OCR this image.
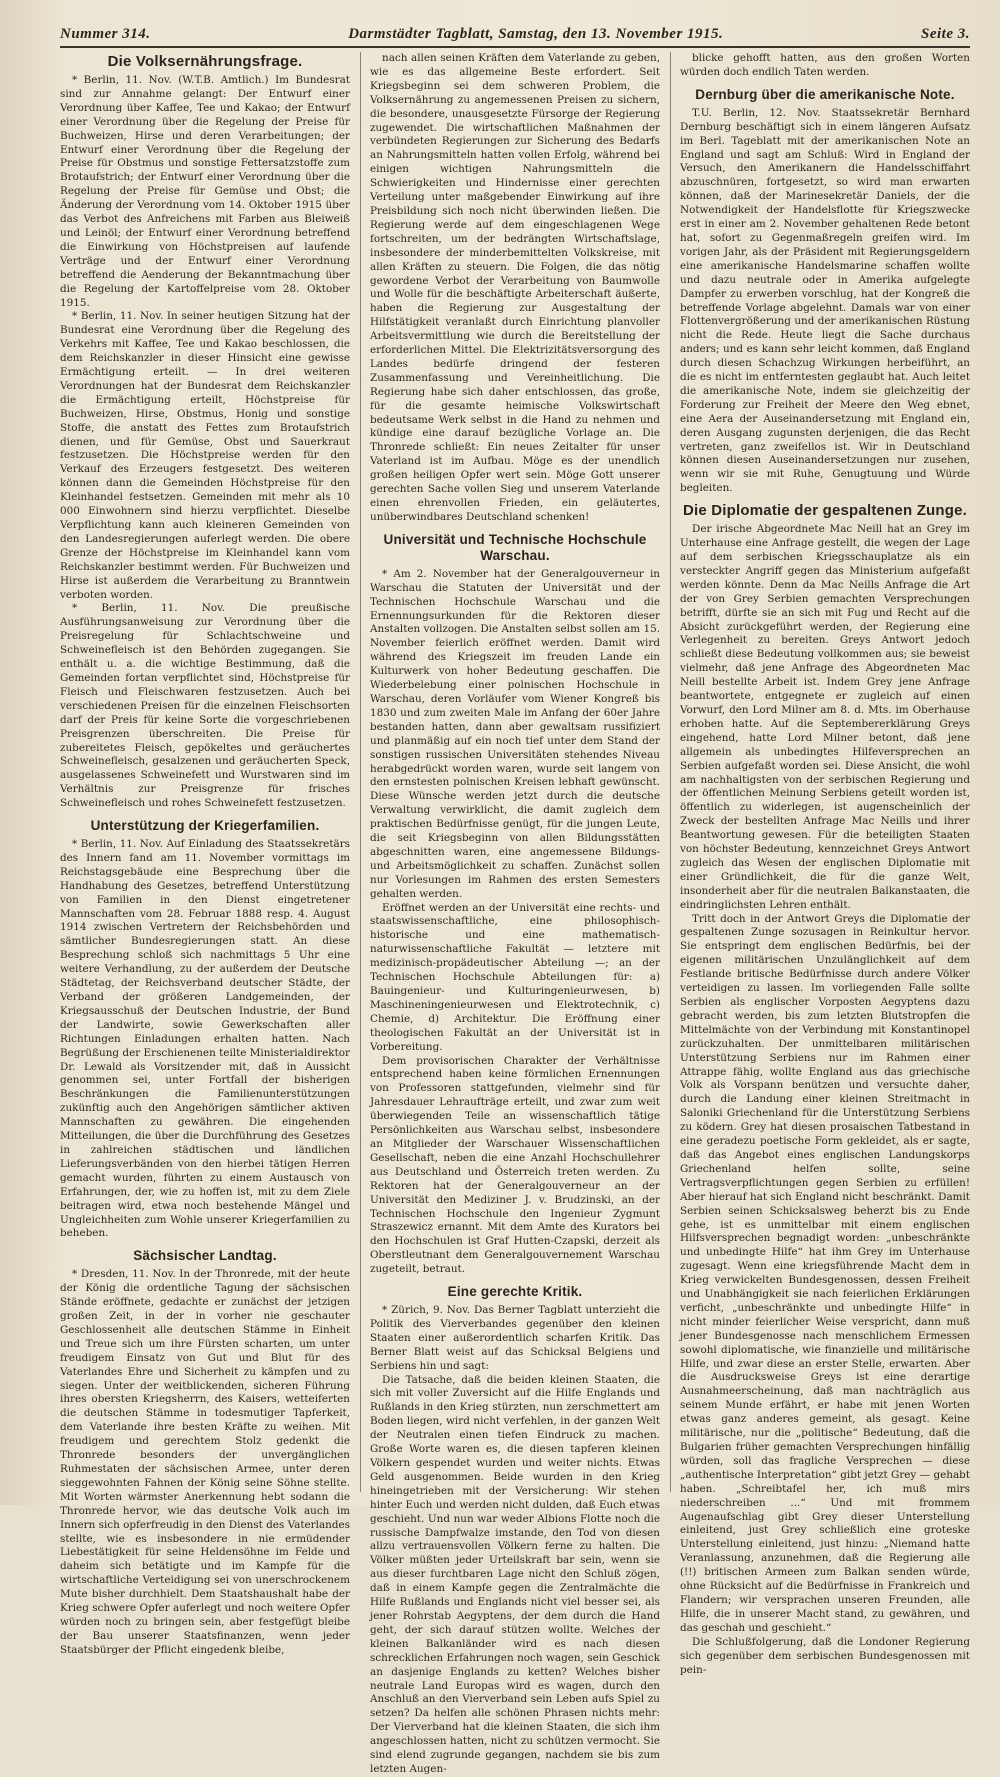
Nummer 314.	Darmstädter Tagblatt, Samstag, den 13. November 1915.	Seite 3.
Die Volksernährungsfrage.

* Berlin, 11. Nov. (W.T.B. Amtlich.) Im Bundesrat sind zur Annahme gelangt: Der Entwurf einer Verordnung über Kaffee, Tee und Kakao; der Entwurf einer Verordnung über die Regelung der Preise für Buchweizen, Hirse und deren Verarbeitungen; der Entwurf einer Verordnung über die Regelung der Preise für Obstmus und sonstige Fettersatzstoffe zum Brotaufstrich; der Entwurf einer Verordnung über die Regelung der Preise für Gemüse und Obst; die Änderung der Verordnung vom 14. Oktober 1915 über das Verbot des Anfreichens mit Farben aus Bleiweiß und Leinöl; der Entwurf einer Verordnung betreffend die Einwirkung von Höchstpreisen auf laufende Verträge und der Entwurf einer Verordnung betreffend die Aenderung der Bekanntmachung über die Regelung der Kartoffelpreise vom 28. Oktober 1915.

* Berlin, 11. Nov. In seiner heutigen Sitzung hat der Bundesrat eine Verordnung über die Regelung des Verkehrs mit Kaffee, Tee und Kakao beschlossen, die dem Reichskanzler in dieser Hinsicht eine gewisse Ermächtigung erteilt. — In drei weiteren Verordnungen hat der Bundesrat dem Reichskanzler die Ermächtigung erteilt, Höchstpreise für Buchweizen, Hirse, Obstmus, Honig und sonstige Stoffe, die anstatt des Fettes zum Brotaufstrich dienen, und für Gemüse, Obst und Sauerkraut festzusetzen. Die Höchstpreise werden für den Verkauf des Erzeugers festgesetzt. Des weiteren können dann die Gemeinden Höchstpreise für den Kleinhandel festsetzen. Gemeinden mit mehr als 10 000 Einwohnern sind hierzu verpflichtet. Dieselbe Verpflichtung kann auch kleineren Gemeinden von den Landesregierungen auferlegt werden. Die obere Grenze der Höchstpreise im Kleinhandel kann vom Reichskanzler bestimmt werden. Für Buchweizen und Hirse ist außerdem die Verarbeitung zu Branntwein verboten worden.

* Berlin, 11. Nov. Die preußische Ausführungsanweisung zur Verordnung über die Preisregelung für Schlachtschweine und Schweinefleisch ist den Behörden zugegangen. Sie enthält u. a. die wichtige Bestimmung, daß die Gemeinden fortan verpflichtet sind, Höchstpreise für Fleisch und Fleischwaren festzusetzen. Auch bei verschiedenen Preisen für die einzelnen Fleischsorten darf der Preis für keine Sorte die vorgeschriebenen Preisgrenzen überschreiten. Die Preise für zubereitetes Fleisch, gepökeltes und geräuchertes Schweinefleisch, gesalzenen und geräucherten Speck, ausgelassenes Schweinefett und Wurstwaren sind im Verhältnis zur Preisgrenze für frisches Schweinefleisch und rohes Schweinefett festzusetzen.

Unterstützung der Kriegerfamilien.

* Berlin, 11. Nov. Auf Einladung des Staatssekretärs des Innern fand am 11. November vormittags im Reichstagsgebäude eine Besprechung über die Handhabung des Gesetzes, betreffend Unterstützung von Familien in den Dienst eingetretener Mannschaften vom 28. Februar 1888 resp. 4. August 1914 zwischen Vertretern der Reichsbehörden und sämtlicher Bundesregierungen statt. An diese Besprechung schloß sich nachmittags 5 Uhr eine weitere Verhandlung, zu der außerdem der Deutsche Städtetag, der Reichsverband deutscher Städte, der Verband der größeren Landgemeinden, der Kriegsausschuß der Deutschen Industrie, der Bund der Landwirte, sowie Gewerkschaften aller Richtungen Einladungen erhalten hatten. Nach Begrüßung der Erschienenen teilte Ministerialdirektor Dr. Lewald als Vorsitzender mit, daß in Aussicht genommen sei, unter Fortfall der bisherigen Beschränkungen die Familienunterstützungen zukünftig auch den Angehörigen sämtlicher aktiven Mannschaften zu gewähren. Die eingehenden Mitteilungen, die über die Durchführung des Gesetzes in zahlreichen städtischen und ländlichen Lieferungsverbänden von den hierbei tätigen Herren gemacht wurden, führten zu einem Austausch von Erfahrungen, der, wie zu hoffen ist, mit zu dem Ziele beitragen wird, etwa noch bestehende Mängel und Ungleichheiten zum Wohle unserer Kriegerfamilien zu beheben.

Sächsischer Landtag.

* Dresden, 11. Nov. In der Thronrede, mit der heute der König die ordentliche Tagung der sächsischen Stände eröffnete, gedachte er zunächst der jetzigen großen Zeit, in der in vorher nie geschauter Geschlossenheit alle deutschen Stämme in Einheit und Treue sich um ihre Fürsten scharten, um unter freudigem Einsatz von Gut und Blut für des Vaterlandes Ehre und Sicherheit zu kämpfen und zu siegen. Unter der weitblickenden, sicheren Führung ihres obersten Kriegsherrn, des Kaisers, wetteiferten die deutschen Stämme in todesmutiger Tapferkeit, dem Vaterlande ihre besten Kräfte zu weihen. Mit freudigem und gerechtem Stolz gedenkt die Thronrede besonders der unvergänglichen Ruhmestaten der sächsischen Armee, unter deren sieggewohnten Fahnen der König seine Söhne stellte. Mit Worten wärmster Anerkennung hebt sodann die Thronrede hervor, wie das deutsche Volk auch im Innern sich opferfreudig in den Dienst des Vaterlandes stellte, wie es insbesondere in nie ermüdender Liebestätigkeit für seine Heldensöhne im Felde und daheim sich betätigte und im Kampfe für die wirtschaftliche Verteidigung sei von unerschrockenem Mute bisher durchhielt. Dem Staatshaushalt habe der Krieg schwere Opfer auferlegt und noch weitere Opfer würden noch zu bringen sein, aber festgefügt bleibe der Bau unserer Staatsfinanzen, wenn jeder Staatsbürger der Pflicht eingedenk bleibe,

nach allen seinen Kräften dem Vaterlande zu geben, wie es das allgemeine Beste erfordert. Seit Kriegsbeginn sei dem schweren Problem, die Volksernährung zu angemessenen Preisen zu sichern, die besondere, unausgesetzte Fürsorge der Regierung zugewendet. Die wirtschaftlichen Maßnahmen der verbündeten Regierungen zur Sicherung des Bedarfs an Nahrungsmitteln hatten vollen Erfolg, während bei einigen wichtigen Nahrungsmitteln die Schwierigkeiten und Hindernisse einer gerechten Verteilung unter maßgebender Einwirkung auf ihre Preisbildung sich noch nicht überwinden ließen. Die Regierung werde auf dem eingeschlagenen Wege fortschreiten, um der bedrängten Wirtschaftslage, insbesondere der minderbemittelten Volkskreise, mit allen Kräften zu steuern. Die Folgen, die das nötig gewordene Verbot der Verarbeitung von Baumwolle und Wolle für die beschäftigte Arbeiterschaft äußerte, haben die Regierung zur Ausgestaltung der Hilfstätigkeit veranlaßt durch Einrichtung planvoller Arbeitsvermittlung wie durch die Bereitstellung der erforderlichen Mittel. Die Elektrizitätsversorgung des Landes bedürfe dringend der festeren Zusammenfassung und Vereinheitlichung. Die Regierung habe sich daher entschlossen, das große, für die gesamte heimische Volkswirtschaft bedeutsame Werk selbst in die Hand zu nehmen und kündige eine darauf bezügliche Vorlage an. Die Thronrede schließt: Ein neues Zeitalter für unser Vaterland ist im Aufbau. Möge es der unendlich großen heiligen Opfer wert sein. Möge Gott unserer gerechten Sache vollen Sieg und unserem Vaterlande einen ehrenvollen Frieden, ein geläutertes, unüberwindbares Deutschland schenken!

Universität und Technische Hochschule Warschau.

* Am 2. November hat der Generalgouverneur in Warschau die Statuten der Universität und der Technischen Hochschule Warschau und die Ernennungsurkunden für die Rektoren dieser Anstalten vollzogen. Die Anstalten selbst sollen am 15. November feierlich eröffnet werden. Damit wird während des Kriegszeit im freuden Lande ein Kulturwerk von hoher Bedeutung geschaffen. Die Wiederbelebung einer polnischen Hochschule in Warschau, deren Vorläufer vom Wiener Kongreß bis 1830 und zum zweiten Male im Anfang der 60er Jahre bestanden hatten, dann aber gewaltsam russifiziert und planmäßig auf ein noch tief unter dem Stand der sonstigen russischen Universitäten stehendes Niveau herabgedrückt worden waren, wurde seit langem von den ernstesten polnischen Kreisen lebhaft gewünscht. Diese Wünsche werden jetzt durch die deutsche Verwaltung verwirklicht, die damit zugleich dem praktischen Bedürfnisse genügt, für die jungen Leute, die seit Kriegsbeginn von allen Bildungsstätten abgeschnitten waren, eine angemessene Bildungs- und Arbeitsmöglichkeit zu schaffen. Zunächst sollen nur Vorlesungen im Rahmen des ersten Semesters gehalten werden.

Eröffnet werden an der Universität eine rechts- und staatswissenschaftliche, eine philosophisch-historische und eine mathematisch-naturwissenschaftliche Fakultät — letztere mit medizinisch-propädeutischer Abteilung —; an der Technischen Hochschule Abteilungen für: a) Bauingenieur- und Kulturingenieurwesen, b) Maschineningenieurwesen und Elektrotechnik, c) Chemie, d) Architektur. Die Eröffnung einer theologischen Fakultät an der Universität ist in Vorbereitung.

Dem provisorischen Charakter der Verhältnisse entsprechend haben keine förmlichen Ernennungen von Professoren stattgefunden, vielmehr sind für Jahresdauer Lehraufträge erteilt, und zwar zum weit überwiegenden Teile an wissenschaftlich tätige Persönlichkeiten aus Warschau selbst, insbesondere an Mitglieder der Warschauer Wissenschaftlichen Gesellschaft, neben die eine Anzahl Hochschullehrer aus Deutschland und Österreich treten werden. Zu Rektoren hat der Generalgouverneur an der Universität den Mediziner J. v. Brudzinski, an der Technischen Hochschule den Ingenieur Zygmunt Straszewicz ernannt. Mit dem Amte des Kurators bei den Hochschulen ist Graf Hutten-Czapski, derzeit als Oberstleutnant dem Generalgouvernement Warschau zugeteilt, betraut.

Eine gerechte Kritik.

* Zürich, 9. Nov. Das Berner Tagblatt unterzieht die Politik des Vierverbandes gegenüber den kleinen Staaten einer außerordentlich scharfen Kritik. Das Berner Blatt weist auf das Schicksal Belgiens und Serbiens hin und sagt:

Die Tatsache, daß die beiden kleinen Staaten, die sich mit voller Zuversicht auf die Hilfe Englands und Rußlands in den Krieg stürzten, nun zerschmettert am Boden liegen, wird nicht verfehlen, in der ganzen Welt der Neutralen einen tiefen Eindruck zu machen. Große Worte waren es, die diesen tapferen kleinen Völkern gespendet wurden und weiter nichts. Etwas Geld ausgenommen. Beide wurden in den Krieg hineingetrieben mit der Versicherung: Wir stehen hinter Euch und werden nicht dulden, daß Euch etwas geschieht. Und nun war weder Albions Flotte noch die russische Dampfwalze imstande, den Tod von diesen allzu vertrauensvollen Völkern ferne zu halten. Die Völker müßten jeder Urteilskraft bar sein, wenn sie aus dieser furchtbaren Lage nicht den Schluß zögen, daß in einem Kampfe gegen die Zentralmächte die Hilfe Rußlands und Englands nicht viel besser sei, als jener Rohrstab Aegyptens, der dem durch die Hand geht, der sich darauf stützen wollte. Welches der kleinen Balkanländer wird es nach diesen schrecklichen Erfahrungen noch wagen, sein Geschick an dasjenige Englands zu ketten? Welches bisher neutrale Land Europas wird es wagen, durch den Anschluß an den Vierverband sein Leben aufs Spiel zu setzen? Da helfen alle schönen Phrasen nichts mehr: Der Vierverband hat die kleinen Staaten, die sich ihm angeschlossen hatten, nicht zu schützen vermocht. Sie sind elend zugrunde gegangen, nachdem sie bis zum letzten Augen-

blicke gehofft hatten, aus den großen Worten würden doch endlich Taten werden.

Dernburg über die amerikanische Note.

T.U. Berlin, 12. Nov. Staatssekretär Bernhard Dernburg beschäftigt sich in einem längeren Aufsatz im Berl. Tageblatt mit der amerikanischen Note an England und sagt am Schluß: Wird in England der Versuch, den Amerikanern die Handelsschiffahrt abzuschnüren, fortgesetzt, so wird man erwarten können, daß der Marinesekretär Daniels, der die Notwendigkeit der Handelsflotte für Kriegszwecke erst in einer am 2. November gehaltenen Rede betont hat, sofort zu Gegenmaßregeln greifen wird. Im vorigen Jahr, als der Präsident mit Regierungsgeldern eine amerikanische Handelsmarine schaffen wollte und dazu neutrale oder in Amerika aufgelegte Dampfer zu erwerben vorschlug, hat der Kongreß die betreffende Vorlage abgelehnt. Damals war von einer Flottenvergrößerung und der amerikanischen Rüstung nicht die Rede. Heute liegt die Sache durchaus anders; und es kann sehr leicht kommen, daß England durch diesen Schachzug Wirkungen herbeiführt, an die es nicht im entferntesten geglaubt hat. Auch leitet die amerikanische Note, indem sie gleichzeitig der Forderung zur Freiheit der Meere den Weg ebnet, eine Aera der Auseinandersetzung mit England ein, deren Ausgang zugunsten derjenigen, die das Recht vertreten, ganz zweifellos ist. Wir in Deutschland können diesen Auseinandersetzungen nur zusehen, wenn wir sie mit Ruhe, Genugtuung und Würde begleiten.

Die Diplomatie der gespaltenen Zunge.

Der irische Abgeordnete Mac Neill hat an Grey im Unterhause eine Anfrage gestellt, die wegen der Lage auf dem serbischen Kriegsschauplatze als ein versteckter Angriff gegen das Ministerium aufgefaßt werden könnte. Denn da Mac Neills Anfrage die Art der von Grey Serbien gemachten Versprechungen betrifft, dürfte sie an sich mit Fug und Recht auf die Absicht zurückgeführt werden, der Regierung eine Verlegenheit zu bereiten. Greys Antwort jedoch schließt diese Bedeutung vollkommen aus; sie beweist vielmehr, daß jene Anfrage des Abgeordneten Mac Neill bestellte Arbeit ist. Indem Grey jene Anfrage beantwortete, entgegnete er zugleich auf einen Vorwurf, den Lord Milner am 8. d. Mts. im Oberhause erhoben hatte. Auf die Septembererklärung Greys eingehend, hatte Lord Milner betont, daß jene allgemein als unbedingtes Hilfeversprechen an Serbien aufgefaßt worden sei. Diese Ansicht, die wohl am nachhaltigsten von der serbischen Regierung und der öffentlichen Meinung Serbiens geteilt worden ist, öffentlich zu widerlegen, ist augenscheinlich der Zweck der bestellten Anfrage Mac Neills und ihrer Beantwortung gewesen. Für die beteiligten Staaten von höchster Bedeutung, kennzeichnet Greys Antwort zugleich das Wesen der englischen Diplomatie mit einer Gründlichkeit, die für die ganze Welt, insonderheit aber für die neutralen Balkanstaaten, die eindringlichsten Lehren enthält.

Tritt doch in der Antwort Greys die Diplomatie der gespaltenen Zunge sozusagen in Reinkultur hervor. Sie entspringt dem englischen Bedürfnis, bei der eigenen militärischen Unzulänglichkeit auf dem Festlande britische Bedürfnisse durch andere Völker verteidigen zu lassen. Im vorliegenden Falle sollte Serbien als englischer Vorposten Aegyptens dazu gebracht werden, bis zum letzten Blutstropfen die Mittelmächte von der Verbindung mit Konstantinopel zurückzuhalten. Der unmittelbaren militärischen Unterstützung Serbiens nur im Rahmen einer Attrappe fähig, wollte England aus das griechische Volk als Vorspann benützen und versuchte daher, durch die Landung einer kleinen Streitmacht in Saloniki Griechenland für die Unterstützung Serbiens zu ködern. Grey hat diesen prosaischen Tatbestand in eine geradezu poetische Form gekleidet, als er sagte, daß das Angebot eines englischen Landungskorps Griechenland helfen sollte, seine Vertragsverpflichtungen gegen Serbien zu erfüllen! Aber hierauf hat sich England nicht beschränkt. Damit Serbien seinen Schicksalsweg beherzt bis zu Ende gehe, ist es unmittelbar mit einem englischen Hilfsversprechen begnadigt worden: „unbeschränkte und unbedingte Hilfe“ hat ihm Grey im Unterhause zugesagt. Wenn eine kriegsführende Macht dem in Krieg verwickelten Bundesgenossen, dessen Freiheit und Unabhängigkeit sie nach feierlichen Erklärungen verficht, „unbeschränkte und unbedingte Hilfe“ in nicht minder feierlicher Weise verspricht, dann muß jener Bundesgenosse nach menschlichem Ermessen sowohl diplomatische, wie finanzielle und militärische Hilfe, und zwar diese an erster Stelle, erwarten. Aber die Ausdrucksweise Greys ist eine derartige Ausnahmeerscheinung, daß man nachträglich aus seinem Munde erfährt, er habe mit jenen Worten etwas ganz anderes gemeint, als gesagt. Keine militärische, nur die „politische“ Bedeutung, daß die Bulgarien früher gemachten Versprechungen hinfällig würden, soll das fragliche Versprechen — diese „authentische Interpretation“ gibt jetzt Grey — gehabt haben. „Schreibtafel her, ich muß mirs niederschreiben ...“ Und mit frommem Augenaufschlag gibt Grey dieser Unterstellung einleitend, just Grey schließlich eine groteske Unterstellung einleitend, just hinzu: „Niemand hatte Veranlassung, anzunehmen, daß die Regierung alle (!!) britischen Armeen zum Balkan senden würde, ohne Rücksicht auf die Bedürfnisse in Frankreich und Flandern; wir versprachen unseren Freunden, alle Hilfe, die in unserer Macht stand, zu gewähren, und das geschah und geschieht.“

Die Schlußfolgerung, daß die Londoner Regierung sich gegenüber dem serbischen Bundesgenossen mit pein-
